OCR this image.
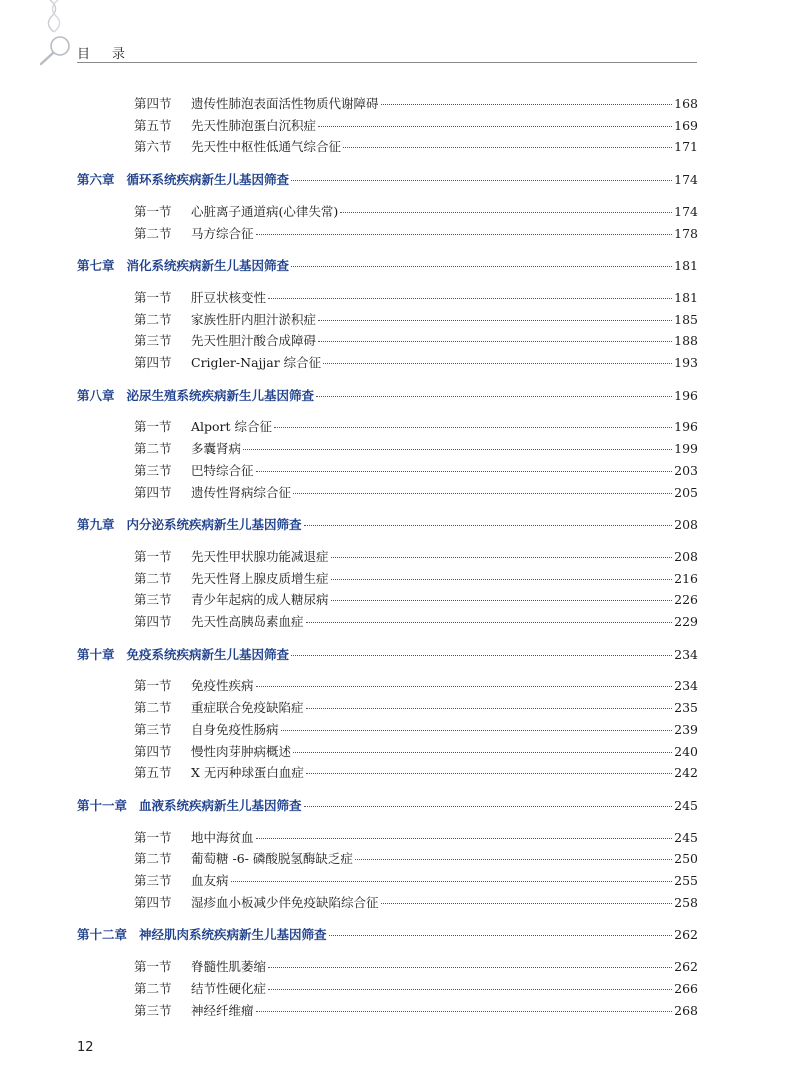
目录
第四节	遗传性肺泡表面活性物质代谢障碍	168
第五节	先天性肺泡蛋白沉积症	169
第六节	先天性中枢性低通气综合征	171
第六章 循环系统疾病新生儿基因筛查	174
第一节	心脏离子通道病(心律失常)	174
第二节	马方综合征	178
第七章 消化系统疾病新生儿基因筛查	181
第一节	肝豆状核变性	181
第二节	家族性肝内胆汁淤积症	185
第三节	先天性胆汁酸合成障碍	188
第四节	Crigler-Najjar 综合征	193
第八章 泌尿生殖系统疾病新生儿基因筛查	196
第一节	Alport 综合征	196
第二节	多囊肾病	199
第三节	巴特综合征	203
第四节	遗传性肾病综合征	205
第九章 内分泌系统疾病新生儿基因筛查	208
第一节	先天性甲状腺功能减退症	208
第二节	先天性肾上腺皮质增生症	216
第三节	青少年起病的成人糖尿病	226
第四节	先天性高胰岛素血症	229
第十章 免疫系统疾病新生儿基因筛查	234
第一节	免疫性疾病	234
第二节	重症联合免疫缺陷症	235
第三节	自身免疫性肠病	239
第四节	慢性肉芽肿病概述	240
第五节	X 无丙种球蛋白血症	242
第十一章 血液系统疾病新生儿基因筛查	245
第一节	地中海贫血	245
第二节	葡萄糖 -6- 磷酸脱氢酶缺乏症	250
第三节	血友病	255
第四节	湿疹血小板减少伴免疫缺陷综合征	258
第十二章 神经肌肉系统疾病新生儿基因筛查	262
第一节	脊髓性肌萎缩	262
第二节	结节性硬化症	266
第三节	神经纤维瘤	268
12
